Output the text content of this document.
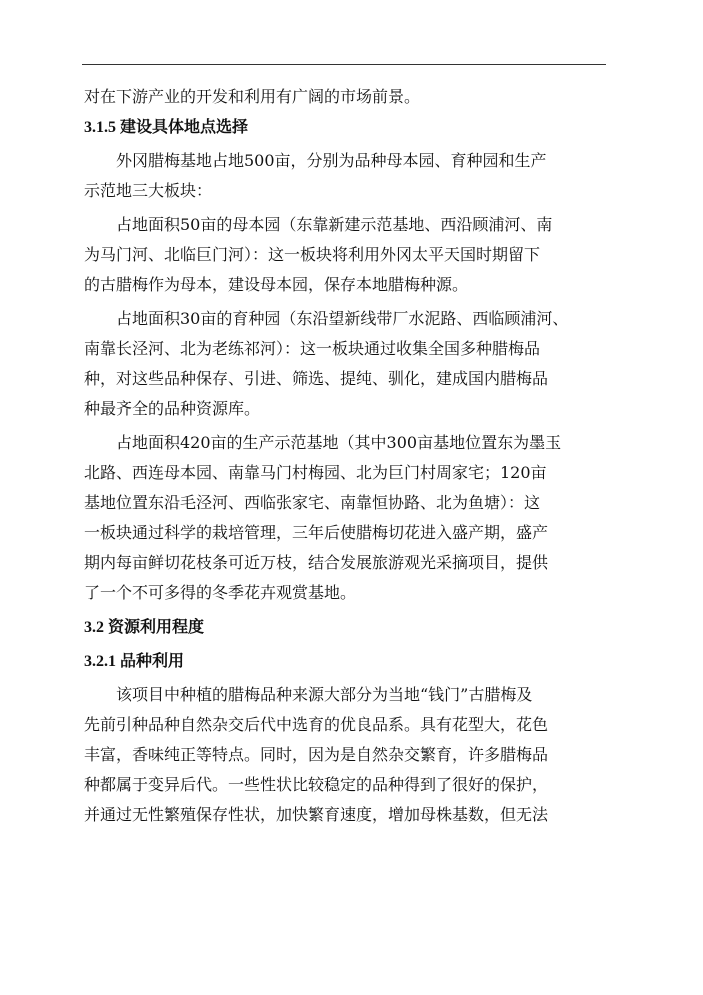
对在下游产业的开发和利用有广阔的市场前景。
3.1.5 建设具体地点选择
外冈腊梅基地占地500亩，分别为品种母本园、育种园和生产
示范地三大板块：
占地面积50亩的母本园（东靠新建示范基地、西沿顾浦河、南
为马门河、北临巨门河）：这一板块将利用外冈太平天国时期留下
的古腊梅作为母本，建设母本园，保存本地腊梅种源。
占地面积30亩的育种园（东沿望新线带厂水泥路、西临顾浦河、
南靠长泾河、北为老练祁河）：这一板块通过收集全国多种腊梅品
种，对这些品种保存、引进、筛选、提纯、驯化，建成国内腊梅品
种最齐全的品种资源库。
占地面积420亩的生产示范基地（其中300亩基地位置东为墨玉
北路、西连母本园、南靠马门村梅园、北为巨门村周家宅；120亩
基地位置东沿毛泾河、西临张家宅、南靠恒协路、北为鱼塘）：这
一板块通过科学的栽培管理，三年后使腊梅切花进入盛产期，盛产
期内每亩鲜切花枝条可近万枝，结合发展旅游观光采摘项目，提供
了一个不可多得的冬季花卉观赏基地。
3.2 资源利用程度
3.2.1 品种利用
该项目中种植的腊梅品种来源大部分为当地“钱门”古腊梅及
先前引种品种自然杂交后代中选育的优良品系。具有花型大，花色
丰富，香味纯正等特点。同时，因为是自然杂交繁育，许多腊梅品
种都属于变异后代。一些性状比较稳定的品种得到了很好的保护，
并通过无性繁殖保存性状，加快繁育速度，增加母株基数，但无法
